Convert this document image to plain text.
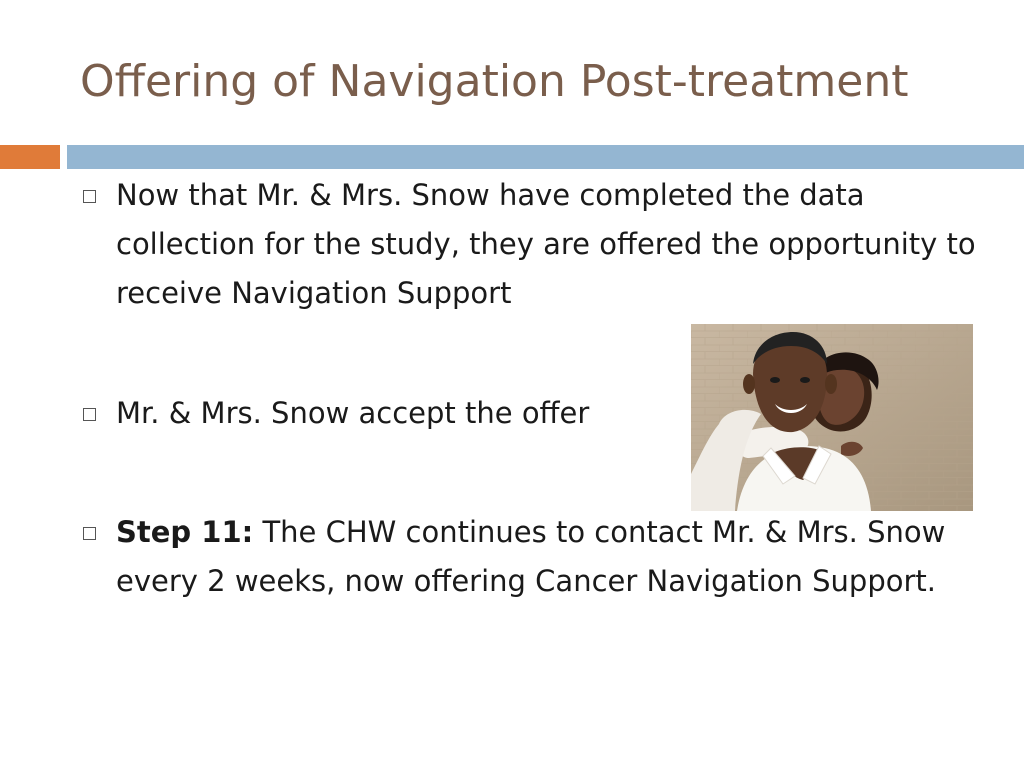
Offering of Navigation Post-treatment

Now that Mr. & Mrs. Snow have completed the data collection for the study, they are offered the opportunity to receive Navigation Support

Mr. & Mrs. Snow accept the offer

Step 11: The CHW continues to contact Mr. & Mrs. Snow every 2 weeks, now offering Cancer Navigation Support.
